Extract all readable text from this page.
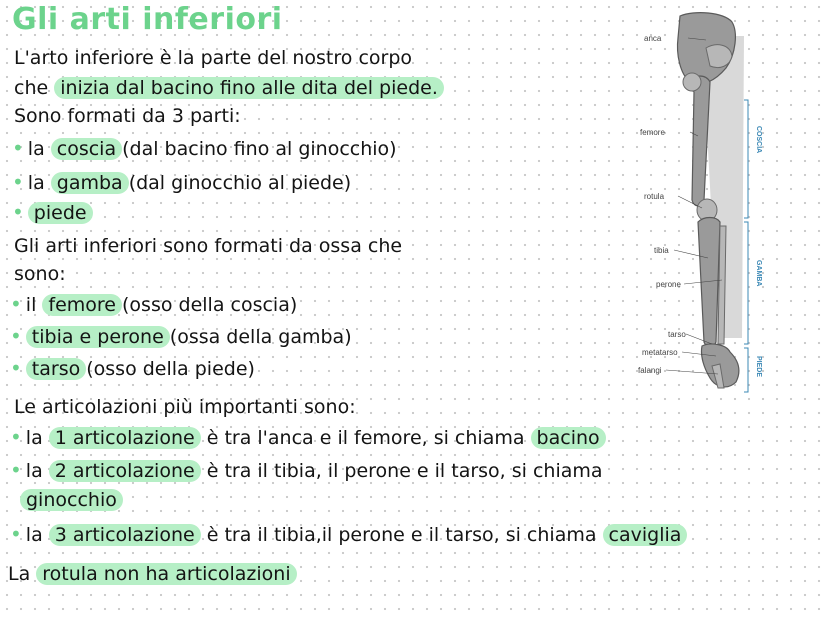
Gli arti inferiori
L'arto inferiore è la parte del nostro corpo
che inizia dal bacino fino alle dita del piede.
Sono formati da 3 parti:
• la coscia (dal bacino fino al ginocchio)
• la gamba (dal ginocchio al piede)
• piede
Gli arti inferiori sono formati da ossa che
sono:
• il femore (osso della coscia)
• tibia e perone (ossa della gamba)
• tarso (osso della piede)
Le articolazioni più importanti sono:
• la 1 articolazione è tra l'anca e il femore, si chiama bacino
• la 2 articolazione è tra il tibia, il perone e il tarso, si chiama
ginocchio
• la 3 articolazione è tra il tibia,il perone e il tarso, si chiama caviglia
La rotula non ha articolazioni
anca
femore
rotula
tibia
perone
tarso
metatarso
falangi
COSCIA
GAMBA
PIEDE
